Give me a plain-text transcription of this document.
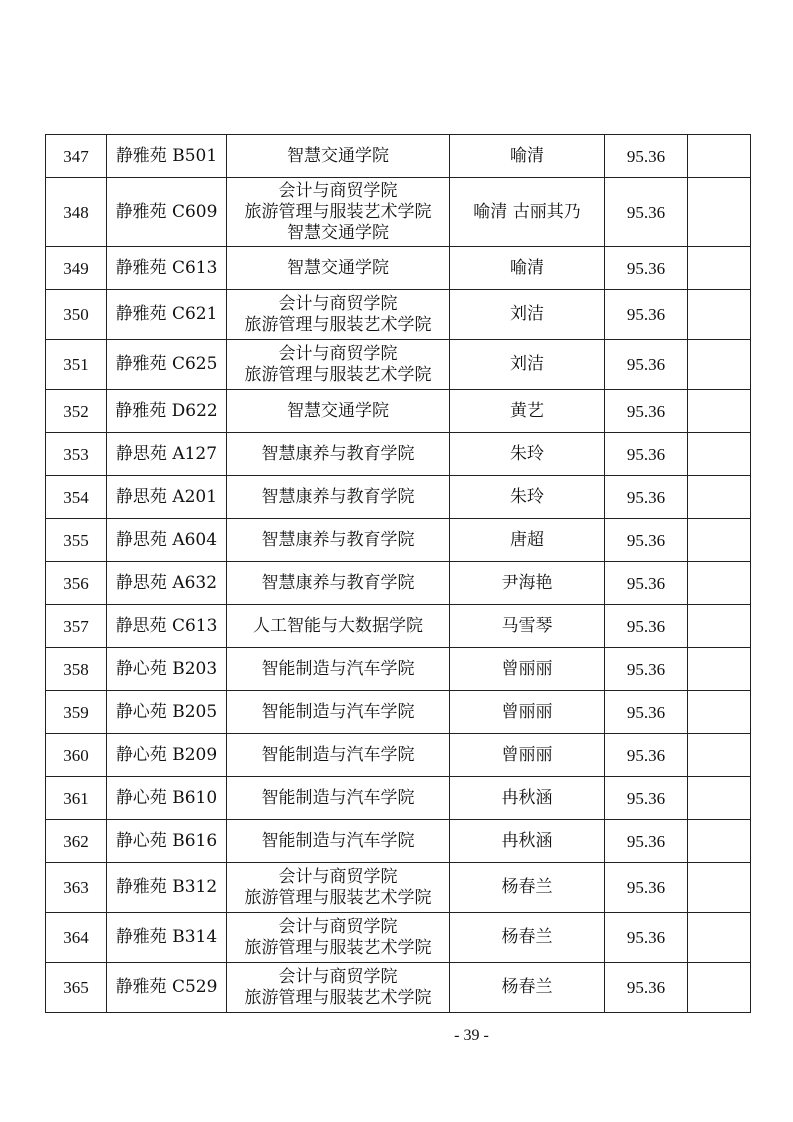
347	静雅苑 B501	智慧交通学院	喻清	95.36	
348	静雅苑 C609	会计与商贸学院
旅游管理与服装艺术学院
智慧交通学院	喻清 古丽其乃	95.36	
349	静雅苑 C613	智慧交通学院	喻清	95.36	
350	静雅苑 C621	会计与商贸学院
旅游管理与服装艺术学院	刘洁	95.36	
351	静雅苑 C625	会计与商贸学院
旅游管理与服装艺术学院	刘洁	95.36	
352	静雅苑 D622	智慧交通学院	黄艺	95.36	
353	静思苑 A127	智慧康养与教育学院	朱玲	95.36	
354	静思苑 A201	智慧康养与教育学院	朱玲	95.36	
355	静思苑 A604	智慧康养与教育学院	唐超	95.36	
356	静思苑 A632	智慧康养与教育学院	尹海艳	95.36	
357	静思苑 C613	人工智能与大数据学院	马雪琴	95.36	
358	静心苑 B203	智能制造与汽车学院	曾丽丽	95.36	
359	静心苑 B205	智能制造与汽车学院	曾丽丽	95.36	
360	静心苑 B209	智能制造与汽车学院	曾丽丽	95.36	
361	静心苑 B610	智能制造与汽车学院	冉秋涵	95.36	
362	静心苑 B616	智能制造与汽车学院	冉秋涵	95.36	
363	静雅苑 B312	会计与商贸学院
旅游管理与服装艺术学院	杨春兰	95.36	
364	静雅苑 B314	会计与商贸学院
旅游管理与服装艺术学院	杨春兰	95.36	
365	静雅苑 C529	会计与商贸学院
旅游管理与服装艺术学院	杨春兰	95.36	
- 39 -
